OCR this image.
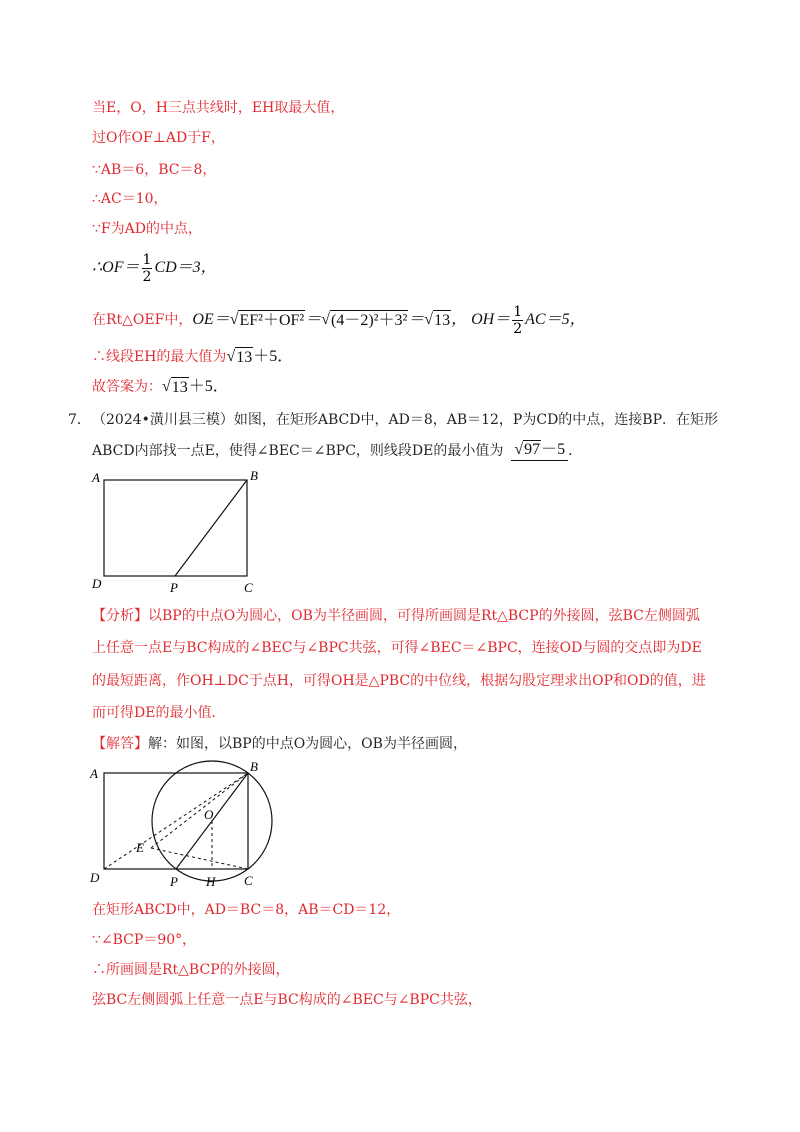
当E，O，H三点共线时，EH取最大值，
过O作OF⊥AD于F，
∵AB＝6，BC＝8，
∴AC＝10，
∵F为AD的中点，
∴OF＝ $\frac{1}{2} CD=3$，
在Rt△OEF中， OE＝ √ EF²＋OF² ＝ √ (4－2)²＋3² ＝ √ 13 ， $OH= \frac{1}{2} AC=5$，
∴线段EH的最大值为 √ 13 ＋5．
故答案为： √ 13 ＋5．
7． （2024•潢川县三模）如图，在矩形ABCD中，AD＝8，AB＝12，P为CD的中点，连接BP．在矩形
ABCD内部找一点E，使得∠BEC＝∠BPC，则线段DE的最小值为 √97－5 ．
A	B
C
D	P
【分析】以BP的中点O为圆心，OB为半径画圆，可得所画圆是Rt△BCP的外接圆，弦BC左侧圆弧
上任意一点E与BC构成的∠BEC与∠BPC共弦，可得∠BEC＝∠BPC，连接OD与圆的交点即为DE
的最短距离，作OH⊥DC于点H，可得OH是△PBC的中位线，根据勾股定理求出OP和OD的值，进
而可得DE的最小值．
【解答】解：如图，以BP的中点O为圆心，OB为半径画圆，
A	B
C
D
E
H
O
P
在矩形ABCD中，AD＝BC＝8，AB＝CD＝12，
∵∠BCP＝90°，
∴所画圆是Rt△BCP的外接圆，
弦BC左侧圆弧上任意一点E与BC构成的∠BEC与∠BPC共弦，
